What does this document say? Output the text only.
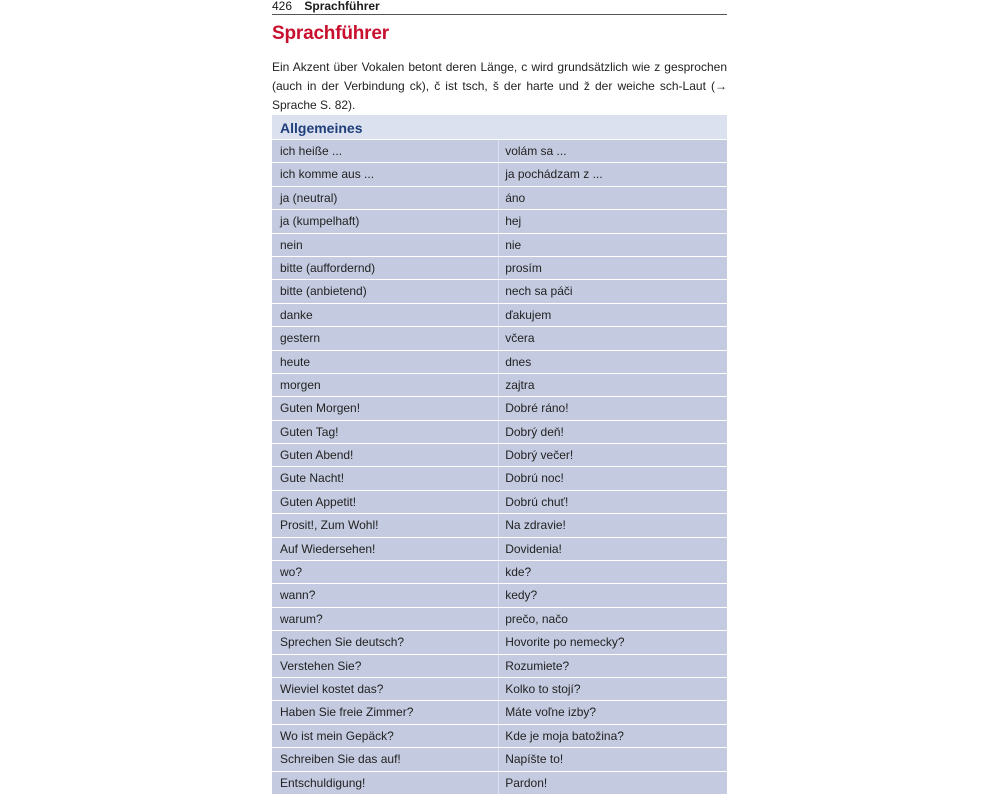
426 Sprachführer
Sprachführer

Ein Akzent über Vokalen betont deren Länge, c wird grundsätzlich wie z gesprochen (auch in der Verbindung ck), č ist tsch, š der harte und ž der weiche sch-Laut (→ Sprache S. 82).

Allgemeines
ich heiße ...	volám sa ...
ich komme aus ...	ja pochádzam z ...
ja (neutral)	áno
ja (kumpelhaft)	hej
nein	nie
bitte (auffordernd)	prosím
bitte (anbietend)	nech sa páči
danke	ďakujem
gestern	včera
heute	dnes
morgen	zajtra
Guten Morgen!	Dobré ráno!
Guten Tag!	Dobrý deň!
Guten Abend!	Dobrý večer!
Gute Nacht!	Dobrú noc!
Guten Appetit!	Dobrú chuť!
Prosit!, Zum Wohl!	Na zdravie!
Auf Wiedersehen!	Dovidenia!
wo?	kde?
wann?	kedy?
warum?	prečo, načo
Sprechen Sie deutsch?	Hovorite po nemecky?
Verstehen Sie?	Rozumiete?
Wieviel kostet das?	Kolko to stojí?
Haben Sie freie Zimmer?	Máte voľne izby?
Wo ist mein Gepäck?	Kde je moja batožina?
Schreiben Sie das auf!	Napíšte to!
Entschuldigung!	Pardon!
